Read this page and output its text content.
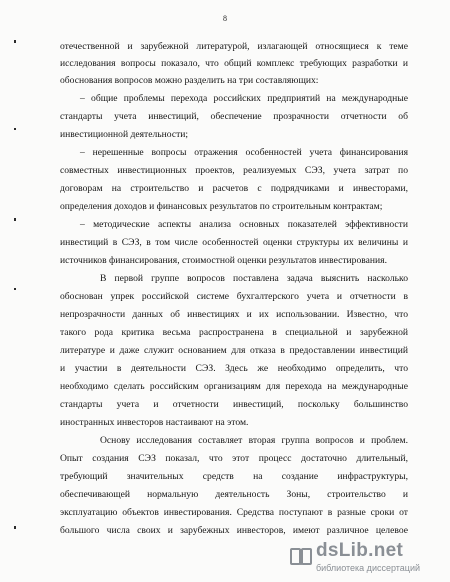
8
отечественной и зарубежной литературой, излагающей относящиеся к теме
исследования вопросы показало, что общий комплекс требующих разработки и
обоснования вопросов можно разделить на три составляющих:
– общие проблемы перехода российских предприятий на международные
стандарты учета инвестиций, обеспечение прозрачности отчетности об
инвестиционной деятельности;
– нерешенные вопросы отражения особенностей учета финансирования
совместных инвестиционных проектов, реализуемых СЭЗ, учета затрат по
договорам на строительство и расчетов с подрядчиками и инвесторами,
определения доходов и финансовых результатов по строительным контрактам;
– методические аспекты анализа основных показателей эффективности
инвестиций в СЭЗ, в том числе особенностей оценки структуры их величины и
источников финансирования, стоимостной оценки результатов инвестирования.
В первой группе вопросов поставлена задача выяснить насколько
обоснован упрек российской системе бухгалтерского учета и отчетности в
непрозрачности данных об инвестициях и их использовании. Известно, что
такого рода критика весьма распространена в специальной и зарубежной
литературе и даже служит основанием для отказа в предоставлении инвестиций
и участии в деятельности СЭЗ. Здесь же необходимо определить, что
необходимо сделать российским организациям для перехода на международные
стандарты учета и отчетности инвестиций, поскольку большинство
иностранных инвесторов настаивают на этом.
Основу исследования составляет вторая группа вопросов и проблем.
Опыт создания СЭЗ показал, что этот процесс достаточно длительный,
требующий значительных средств на создание инфраструктуры,
обеспечивающей нормальную деятельность Зоны, строительство и
эксплуатацию объектов инвестирования. Средства поступают в разные сроки от
большого числа своих и зарубежных инвесторов, имеют различное целевое
dsLib.net
библиотека диссертаций
